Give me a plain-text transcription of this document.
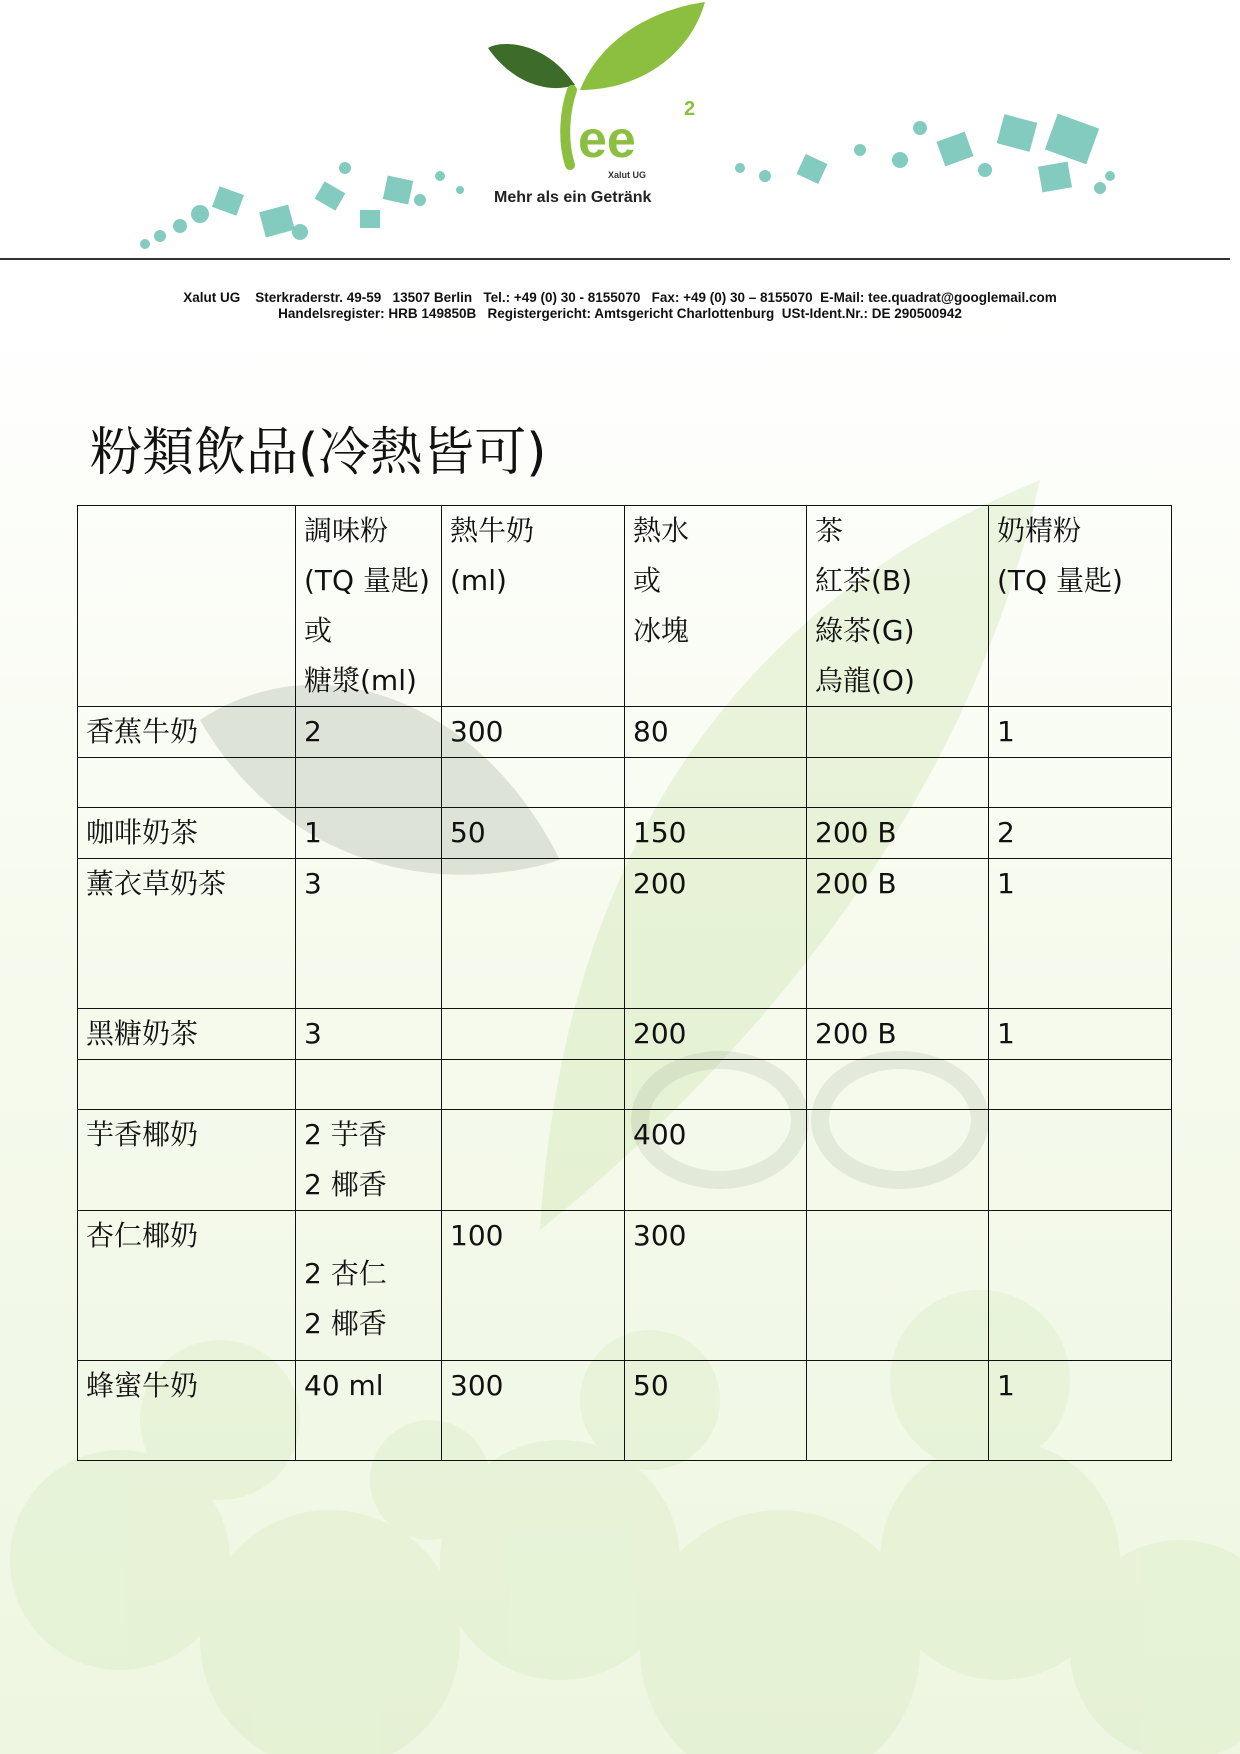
ee
2
Xalut UG
Mehr als ein Getränk
Xalut UG    Sterkraderstr. 49-59   13507 Berlin   Tel.: +49 (0) 30 - 8155070   Fax: +49 (0) 30 – 8155070  E-Mail: tee.quadrat@googlemail.com
Handelsregister: HRB 149850B   Registergericht: Amtsgericht Charlottenburg  USt-Ident.Nr.: DE 290500942
粉類飲品(冷熱皆可)

	調味粉
(TQ 量匙)
或
糖漿(ml)	熱牛奶
(ml)	熱水
或
冰塊	茶
紅茶(B)
綠茶(G)
烏龍(O)	奶精粉
(TQ 量匙)

香蕉牛奶	2	300	80		1

咖啡奶茶	1	50	150	200 B	2
薰衣草奶茶	3		200	200 B	1
黑糖奶茶	3		200	200 B	1

芋香椰奶	2 芋香
2 椰香		400		
杏仁椰奶	2 杏仁
2 椰香	100	300		
蜂蜜牛奶	40 ml	300	50		1
